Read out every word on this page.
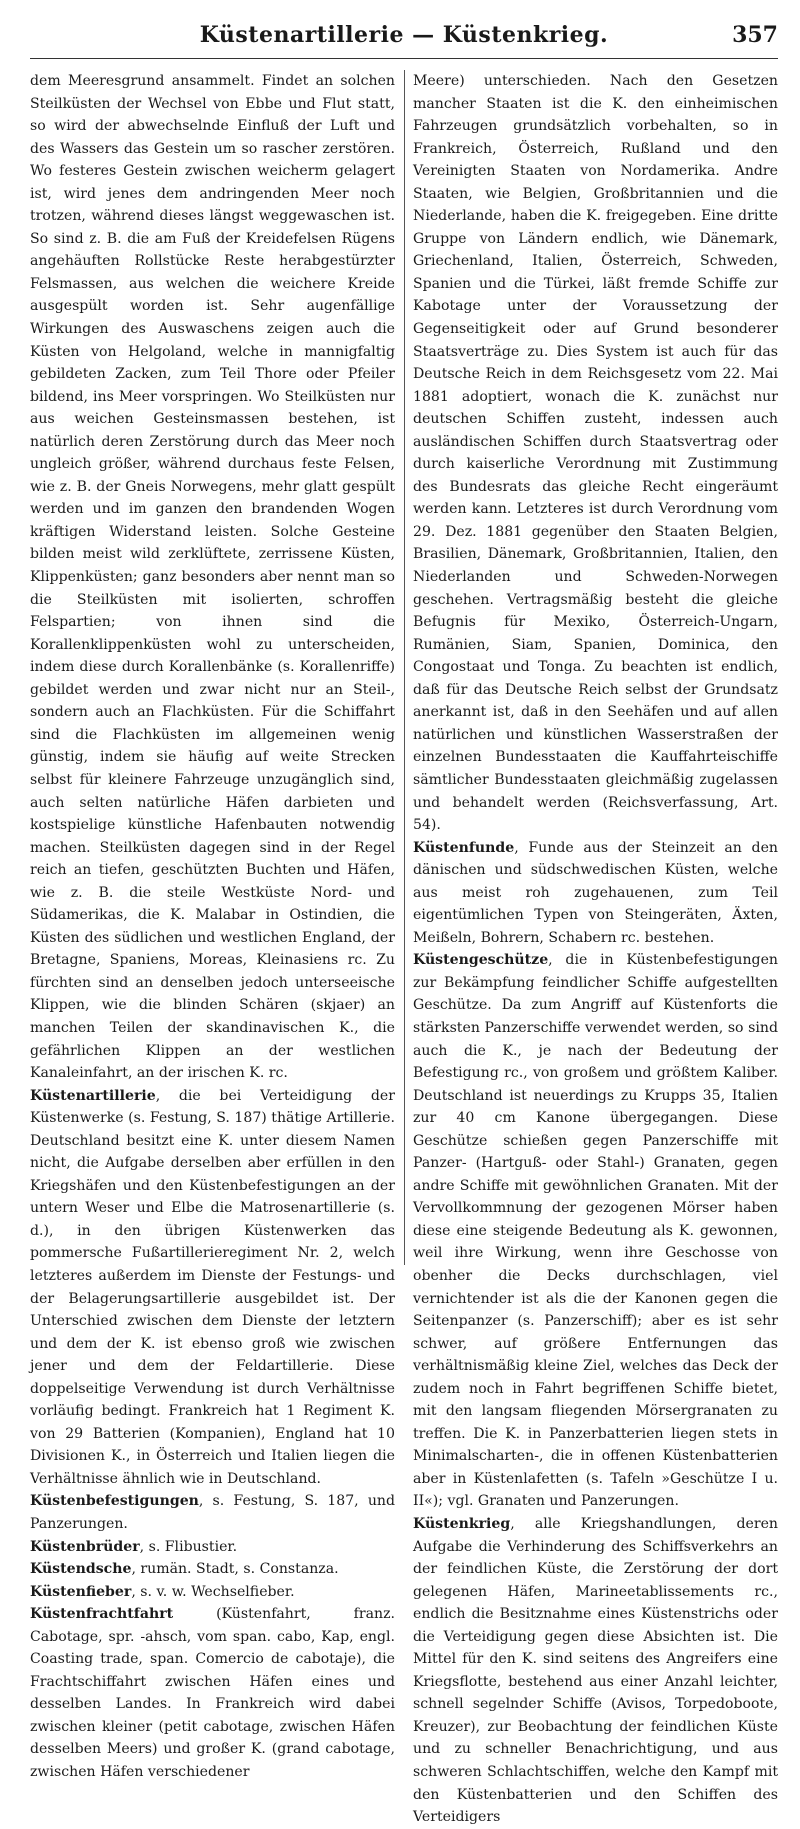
Küstenartillerie — Küstenkrieg.	357

dem Meeresgrund ansammelt. Findet an solchen Steilküsten der Wechsel von Ebbe und Flut statt, so wird der abwechselnde Einfluß der Luft und des Wassers das Gestein um so rascher zerstören. Wo festeres Gestein zwischen weicherm gelagert ist, wird jenes dem andringenden Meer noch trotzen, während dieses längst weggewaschen ist. So sind z. B. die am Fuß der Kreidefelsen Rügens angehäuften Rollstücke Reste herabgestürzter Felsmassen, aus welchen die weichere Kreide ausgespült worden ist. Sehr augenfällige Wirkungen des Auswaschens zeigen auch die Küsten von Helgoland, welche in mannigfaltig gebildeten Zacken, zum Teil Thore oder Pfeiler bildend, ins Meer vorspringen. Wo Steilküsten nur aus weichen Gesteinsmassen bestehen, ist natürlich deren Zerstörung durch das Meer noch ungleich größer, während durchaus feste Felsen, wie z. B. der Gneis Norwegens, mehr glatt gespült werden und im ganzen den brandenden Wogen kräftigen Widerstand leisten. Solche Gesteine bilden meist wild zerklüftete, zerrissene Küsten, Klippenküsten; ganz besonders aber nennt man so die Steilküsten mit isolierten, schroffen Felspartien; von ihnen sind die Korallenklippenküsten wohl zu unterscheiden, indem diese durch Korallenbänke (s. Korallenriffe) gebildet werden und zwar nicht nur an Steil-, sondern auch an Flachküsten. Für die Schiffahrt sind die Flachküsten im allgemeinen wenig günstig, indem sie häufig auf weite Strecken selbst für kleinere Fahrzeuge unzugänglich sind, auch selten natürliche Häfen darbieten und kostspielige künstliche Hafenbauten notwendig machen. Steilküsten dagegen sind in der Regel reich an tiefen, geschützten Buchten und Häfen, wie z. B. die steile Westküste Nord- und Südamerikas, die K. Malabar in Ostindien, die Küsten des südlichen und westlichen England, der Bretagne, Spaniens, Moreas, Kleinasiens rc. Zu fürchten sind an denselben jedoch unterseeische Klippen, wie die blinden Schären (skjaer) an manchen Teilen der skandinavischen K., die gefährlichen Klippen an der westlichen Kanaleinfahrt, an der irischen K. rc.

Küstenartillerie, die bei Verteidigung der Küstenwerke (s. Festung, S. 187) thätige Artillerie. Deutschland besitzt eine K. unter diesem Namen nicht, die Aufgabe derselben aber erfüllen in den Kriegshäfen und den Küstenbefestigungen an der untern Weser und Elbe die Matrosenartillerie (s. d.), in den übrigen Küstenwerken das pommersche Fußartillerieregiment Nr. 2, welch letzteres außerdem im Dienste der Festungs- und der Belagerungsartillerie ausgebildet ist. Der Unterschied zwischen dem Dienste der letztern und dem der K. ist ebenso groß wie zwischen jener und dem der Feldartillerie. Diese doppelseitige Verwendung ist durch Verhältnisse vorläufig bedingt. Frankreich hat 1 Regiment K. von 29 Batterien (Kompanien), England hat 10 Divisionen K., in Österreich und Italien liegen die Verhältnisse ähnlich wie in Deutschland.

Küstenbefestigungen, s. Festung, S. 187, und Panzerungen.

Küstenbrüder, s. Flibustier.

Küstendsche, rumän. Stadt, s. Constanza.

Küstenfieber, s. v. w. Wechselfieber.

Küstenfrachtfahrt (Küstenfahrt, franz. Cabotage, spr. -ahsch, vom span. cabo, Kap, engl. Coasting trade, span. Comercio de cabotaje), die Frachtschiffahrt zwischen Häfen eines und desselben Landes. In Frankreich wird dabei zwischen kleiner (petit cabotage, zwischen Häfen desselben Meers) und großer K. (grand cabotage, zwischen Häfen verschiedener

Meere) unterschieden. Nach den Gesetzen mancher Staaten ist die K. den einheimischen Fahrzeugen grundsätzlich vorbehalten, so in Frankreich, Österreich, Rußland und den Vereinigten Staaten von Nordamerika. Andre Staaten, wie Belgien, Großbritannien und die Niederlande, haben die K. freigegeben. Eine dritte Gruppe von Ländern endlich, wie Dänemark, Griechenland, Italien, Österreich, Schweden, Spanien und die Türkei, läßt fremde Schiffe zur Kabotage unter der Voraussetzung der Gegenseitigkeit oder auf Grund besonderer Staatsverträge zu. Dies System ist auch für das Deutsche Reich in dem Reichsgesetz vom 22. Mai 1881 adoptiert, wonach die K. zunächst nur deutschen Schiffen zusteht, indessen auch ausländischen Schiffen durch Staatsvertrag oder durch kaiserliche Verordnung mit Zustimmung des Bundesrats das gleiche Recht eingeräumt werden kann. Letzteres ist durch Verordnung vom 29. Dez. 1881 gegenüber den Staaten Belgien, Brasilien, Dänemark, Großbritannien, Italien, den Niederlanden und Schweden-Norwegen geschehen. Vertragsmäßig besteht die gleiche Befugnis für Mexiko, Österreich-Ungarn, Rumänien, Siam, Spanien, Dominica, den Congostaat und Tonga. Zu beachten ist endlich, daß für das Deutsche Reich selbst der Grundsatz anerkannt ist, daß in den Seehäfen und auf allen natürlichen und künstlichen Wasserstraßen der einzelnen Bundesstaaten die Kauffahrteischiffe sämtlicher Bundesstaaten gleichmäßig zugelassen und behandelt werden (Reichsverfassung, Art. 54).

Küstenfunde, Funde aus der Steinzeit an den dänischen und südschwedischen Küsten, welche aus meist roh zugehauenen, zum Teil eigentümlichen Typen von Steingeräten, Äxten, Meißeln, Bohrern, Schabern rc. bestehen.

Küstengeschütze, die in Küstenbefestigungen zur Bekämpfung feindlicher Schiffe aufgestellten Geschütze. Da zum Angriff auf Küstenforts die stärksten Panzerschiffe verwendet werden, so sind auch die K., je nach der Bedeutung der Befestigung rc., von großem und größtem Kaliber. Deutschland ist neuerdings zu Krupps 35, Italien zur 40 cm Kanone übergegangen. Diese Geschütze schießen gegen Panzerschiffe mit Panzer- (Hartguß- oder Stahl-) Granaten, gegen andre Schiffe mit gewöhnlichen Granaten. Mit der Vervollkommnung der gezogenen Mörser haben diese eine steigende Bedeutung als K. gewonnen, weil ihre Wirkung, wenn ihre Geschosse von obenher die Decks durchschlagen, viel vernichtender ist als die der Kanonen gegen die Seitenpanzer (s. Panzerschiff); aber es ist sehr schwer, auf größere Entfernungen das verhältnismäßig kleine Ziel, welches das Deck der zudem noch in Fahrt begriffenen Schiffe bietet, mit den langsam fliegenden Mörsergranaten zu treffen. Die K. in Panzerbatterien liegen stets in Minimalscharten-, die in offenen Küstenbatterien aber in Küstenlafetten (s. Tafeln »Geschütze I u. II«); vgl. Granaten und Panzerungen.

Küstenkrieg, alle Kriegshandlungen, deren Aufgabe die Verhinderung des Schiffsverkehrs an der feindlichen Küste, die Zerstörung der dort gelegenen Häfen, Marineetablissements rc., endlich die Besitznahme eines Küstenstrichs oder die Verteidigung gegen diese Absichten ist. Die Mittel für den K. sind seitens des Angreifers eine Kriegsflotte, bestehend aus einer Anzahl leichter, schnell segelnder Schiffe (Avisos, Torpedoboote, Kreuzer), zur Beobachtung der feindlichen Küste und zu schneller Benachrichtigung, und aus schweren Schlachtschiffen, welche den Kampf mit den Küstenbatterien und den Schiffen des Verteidigers
